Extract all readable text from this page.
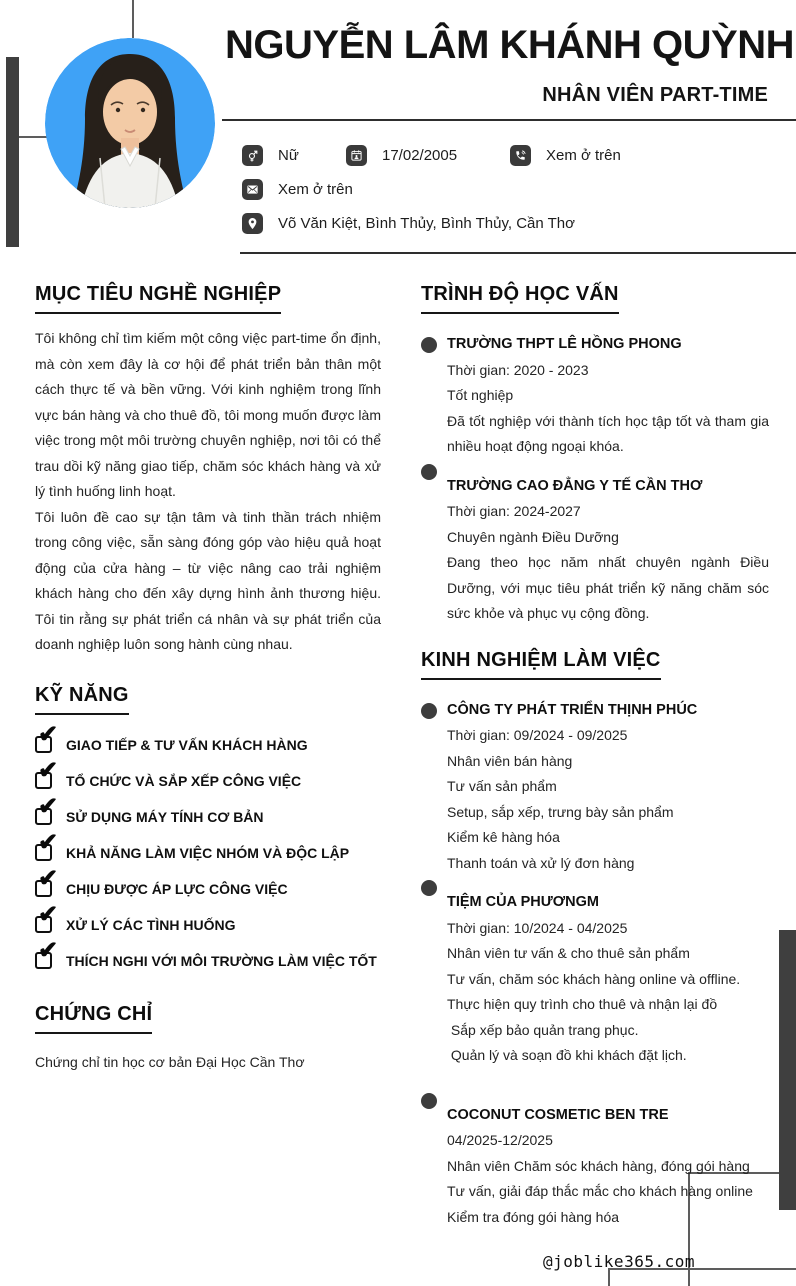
NGUYỄN LÂM KHÁNH QUỲNH
NHÂN VIÊN PART-TIME
Nữ	17/02/2005	Xem ở trên
Xem ở trên
Võ Văn Kiệt, Bình Thủy, Bình Thủy, Cần Thơ
MỤC TIÊU NGHỀ NGHIỆP

Tôi không chỉ tìm kiếm một công việc part-time ổn định, mà còn xem đây là cơ hội để phát triển bản thân một cách thực tế và bền vững. Với kinh nghiệm trong lĩnh vực bán hàng và cho thuê đồ, tôi mong muốn được làm việc trong một môi trường chuyên nghiệp, nơi tôi có thể trau dồi kỹ năng giao tiếp, chăm sóc khách hàng và xử lý tình huống linh hoạt.

Tôi luôn đề cao sự tận tâm và tinh thần trách nhiệm trong công việc, sẵn sàng đóng góp vào hiệu quả hoạt động của cửa hàng – từ việc nâng cao trải nghiệm khách hàng cho đến xây dựng hình ảnh thương hiệu. Tôi tin rằng sự phát triển cá nhân và sự phát triển của doanh nghiệp luôn song hành cùng nhau.

KỸ NĂNG
✔ GIAO TIẾP & TƯ VẤN KHÁCH HÀNG
✔ TỔ CHỨC VÀ SẮP XẾP CÔNG VIỆC
✔ SỬ DỤNG MÁY TÍNH CƠ BẢN
✔ KHẢ NĂNG LÀM VIỆC NHÓM VÀ ĐỘC LẬP
✔ CHỊU ĐƯỢC ÁP LỰC CÔNG VIỆC
✔ XỬ LÝ CÁC TÌNH HUỐNG
✔ THÍCH NGHI VỚI MÔI TRƯỜNG LÀM VIỆC TỐT
CHỨNG CHỈ
Chứng chỉ tin học cơ bản Đại Học Cần Thơ
TRÌNH ĐỘ HỌC VẤN
TRƯỜNG THPT LÊ HỒNG PHONG
Thời gian: 2020 - 2023
Tốt nghiệp
Đã tốt nghiệp với thành tích học tập tốt và tham gia nhiều hoạt động ngoại khóa.
TRƯỜNG CAO ĐẲNG Y TẾ CẦN THƠ
Thời gian: 2024-2027
Chuyên ngành Điều Dưỡng
Đang theo học năm nhất chuyên ngành Điều Dưỡng, với mục tiêu phát triển kỹ năng chăm sóc sức khỏe và phục vụ cộng đồng.
KINH NGHIỆM LÀM VIỆC
CÔNG TY PHÁT TRIỂN THỊNH PHÚC
Thời gian: 09/2024 - 09/2025
Nhân viên bán hàng
Tư vấn sản phẩm
Setup, sắp xếp, trưng bày sản phẩm
Kiểm kê hàng hóa
Thanh toán và xử lý đơn hàng
TIỆM CỦA PHƯƠNGM
Thời gian: 10/2024 - 04/2025
Nhân viên tư vấn & cho thuê sản phẩm
Tư vấn, chăm sóc khách hàng online và offline.
Thực hiện quy trình cho thuê và nhận lại đồ
Sắp xếp bảo quản trang phục.
Quản lý và soạn đồ khi khách đặt lịch.
COCONUT COSMETIC BEN TRE
04/2025-12/2025
Nhân viên Chăm sóc khách hàng, đóng gói hàng
Tư vấn, giải đáp thắc mắc cho khách hàng online
Kiểm tra đóng gói hàng hóa
@joblike365.com
